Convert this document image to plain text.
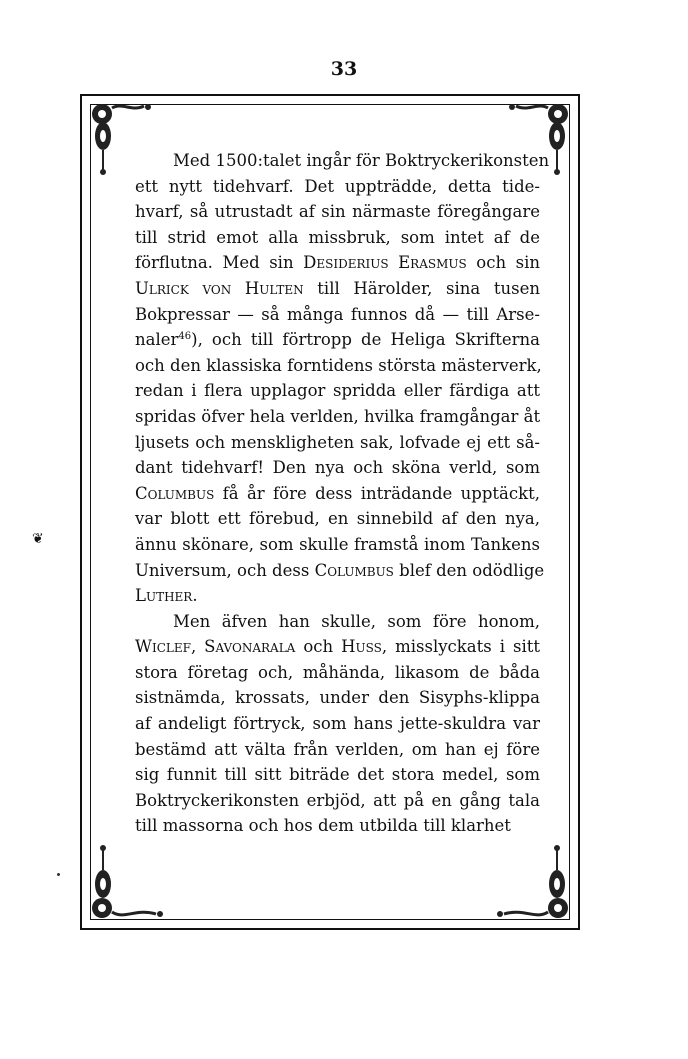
33
Med 1500:talet ingår för Boktryckerikonsten
ett nytt tidehvarf. Det uppträdde, detta tide-
hvarf, så utrustadt af sin närmaste föregångare
till strid emot alla missbruk, som intet af de
förflutna. Med sin Desiderius Erasmus och sin
Ulrick von Hulten till Härolder, sina tusen
Bokpressar — så många funnos då — till Arse-
naler$^{46}$), och till förtropp de Heliga Skrifterna
och den klassiska forntidens största mästerverk,
redan i flera upplagor spridda eller färdiga att
spridas öfver hela verlden, hvilka framgångar åt
ljusets och menskligheten sak, lofvade ej ett så-
dant tidehvarf! Den nya och sköna verld, som
Columbus få år före dess inträdande upptäckt,
var blott ett förebud, en sinnebild af den nya,
ännu skönare, som skulle framstå inom Tankens
Universum, och dess Columbus blef den odödlige
Luther.
Men äfven han skulle, som före honom,
Wiclef, Savonarala och Huss, misslyckats i sitt
stora företag och, måhända, likasom de båda
sistnämda, krossats, under den Sisyphs-klippa
af andeligt förtryck, som hans jette-skuldra var
bestämd att välta från verlden, om han ej före
sig funnit till sitt biträde det stora medel, som
Boktryckerikonsten erbjöd, att på en gång tala
till massorna och hos dem utbilda till klarhet
❦
